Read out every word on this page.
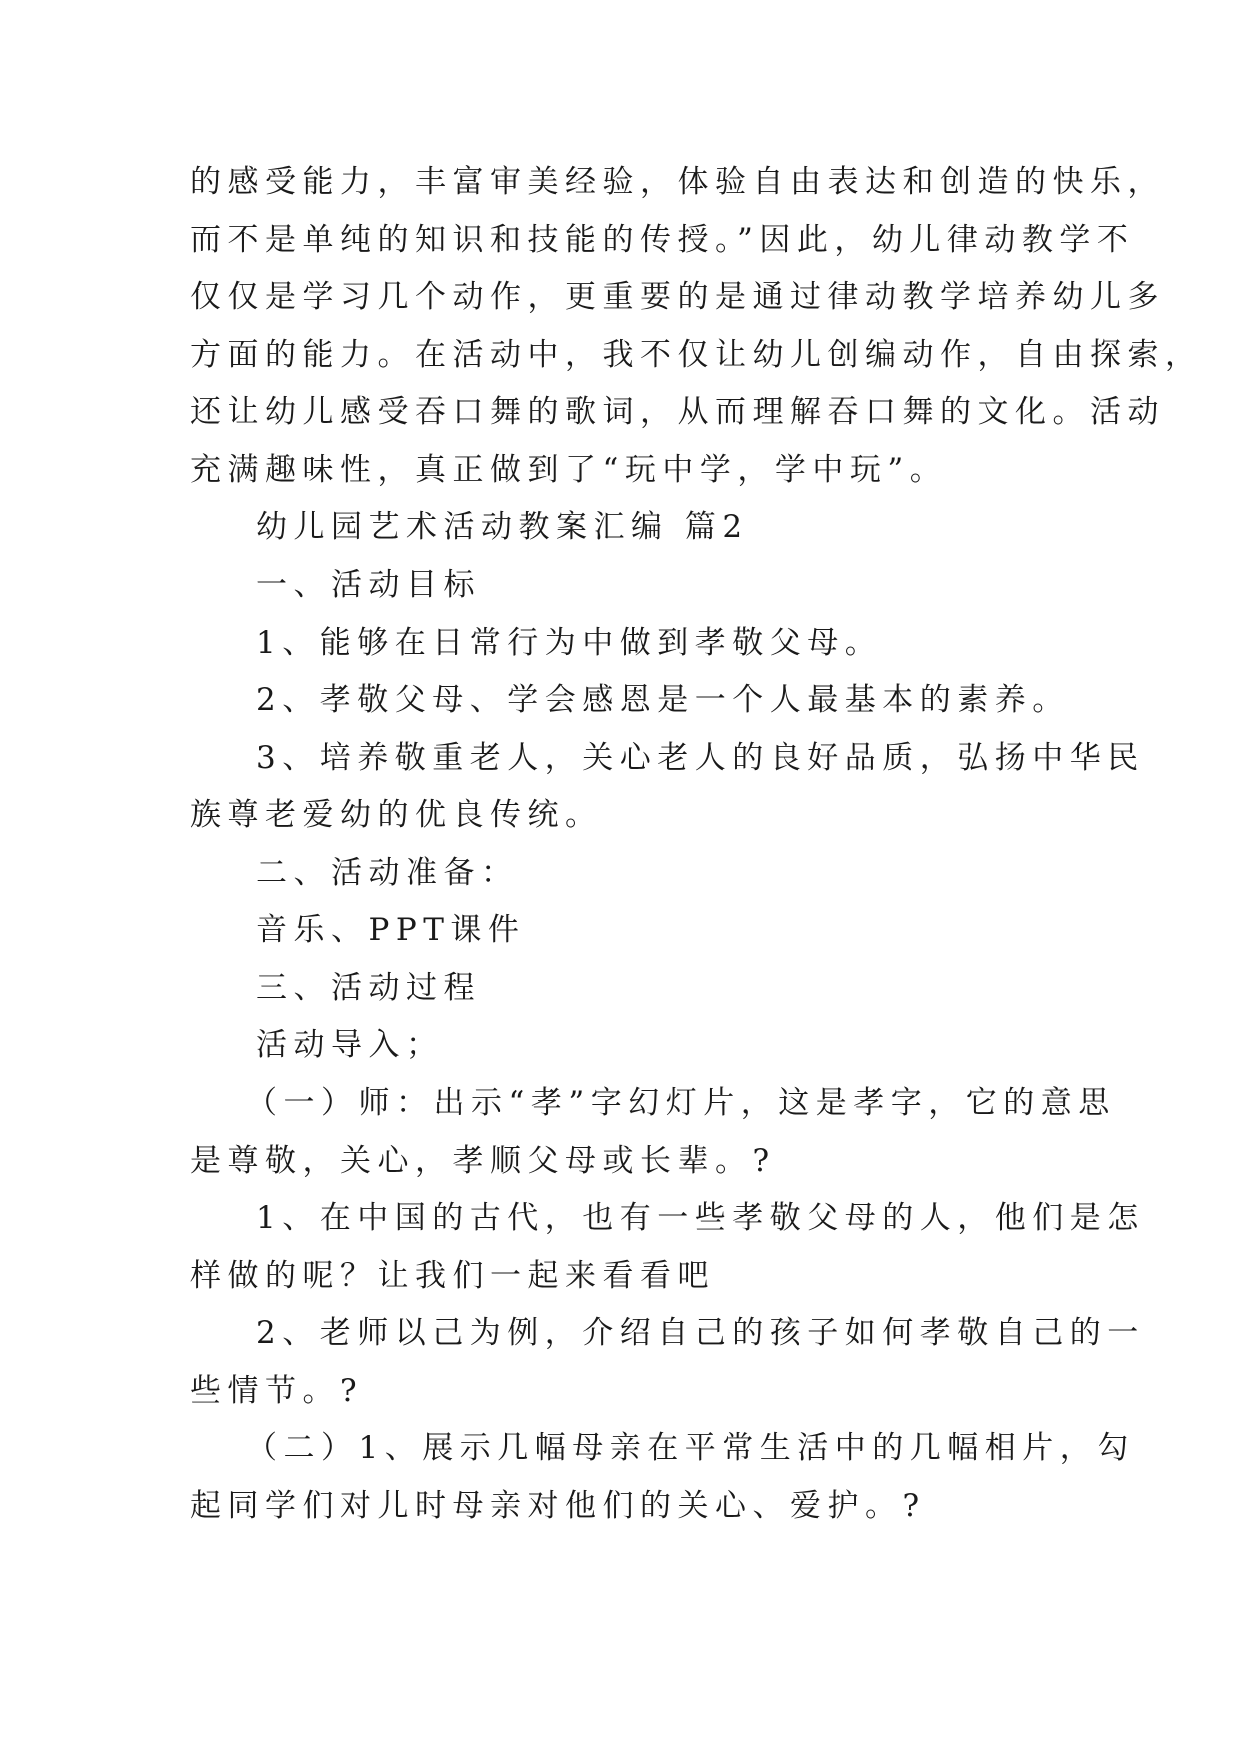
的感受能力，丰富审美经验，体验自由表达和创造的快乐，
而不是单纯的知识和技能的传授。”因此，幼儿律动教学不
仅仅是学习几个动作，更重要的是通过律动教学培养幼儿多
方面的能力。在活动中，我不仅让幼儿创编动作，自由探索，
还让幼儿感受吞口舞的歌词，从而理解吞口舞的文化。活动
充满趣味性，真正做到了“玩中学，学中玩”。
幼儿园艺术活动教案汇编 篇2
一、活动目标
1、能够在日常行为中做到孝敬父母。
2、孝敬父母、学会感恩是一个人最基本的素养。
3、培养敬重老人，关心老人的良好品质，弘扬中华民
族尊老爱幼的优良传统。
二、活动准备：
音乐、PPT课件
三、活动过程
活动导入；
（一）师：出示“孝”字幻灯片，这是孝字，它的意思
是尊敬，关心，孝顺父母或长辈。?
1、在中国的古代，也有一些孝敬父母的人，他们是怎
样做的呢？让我们一起来看看吧
2、老师以己为例，介绍自己的孩子如何孝敬自己的一
些情节。?
（二）1、展示几幅母亲在平常生活中的几幅相片，勾
起同学们对儿时母亲对他们的关心、爱护。?
